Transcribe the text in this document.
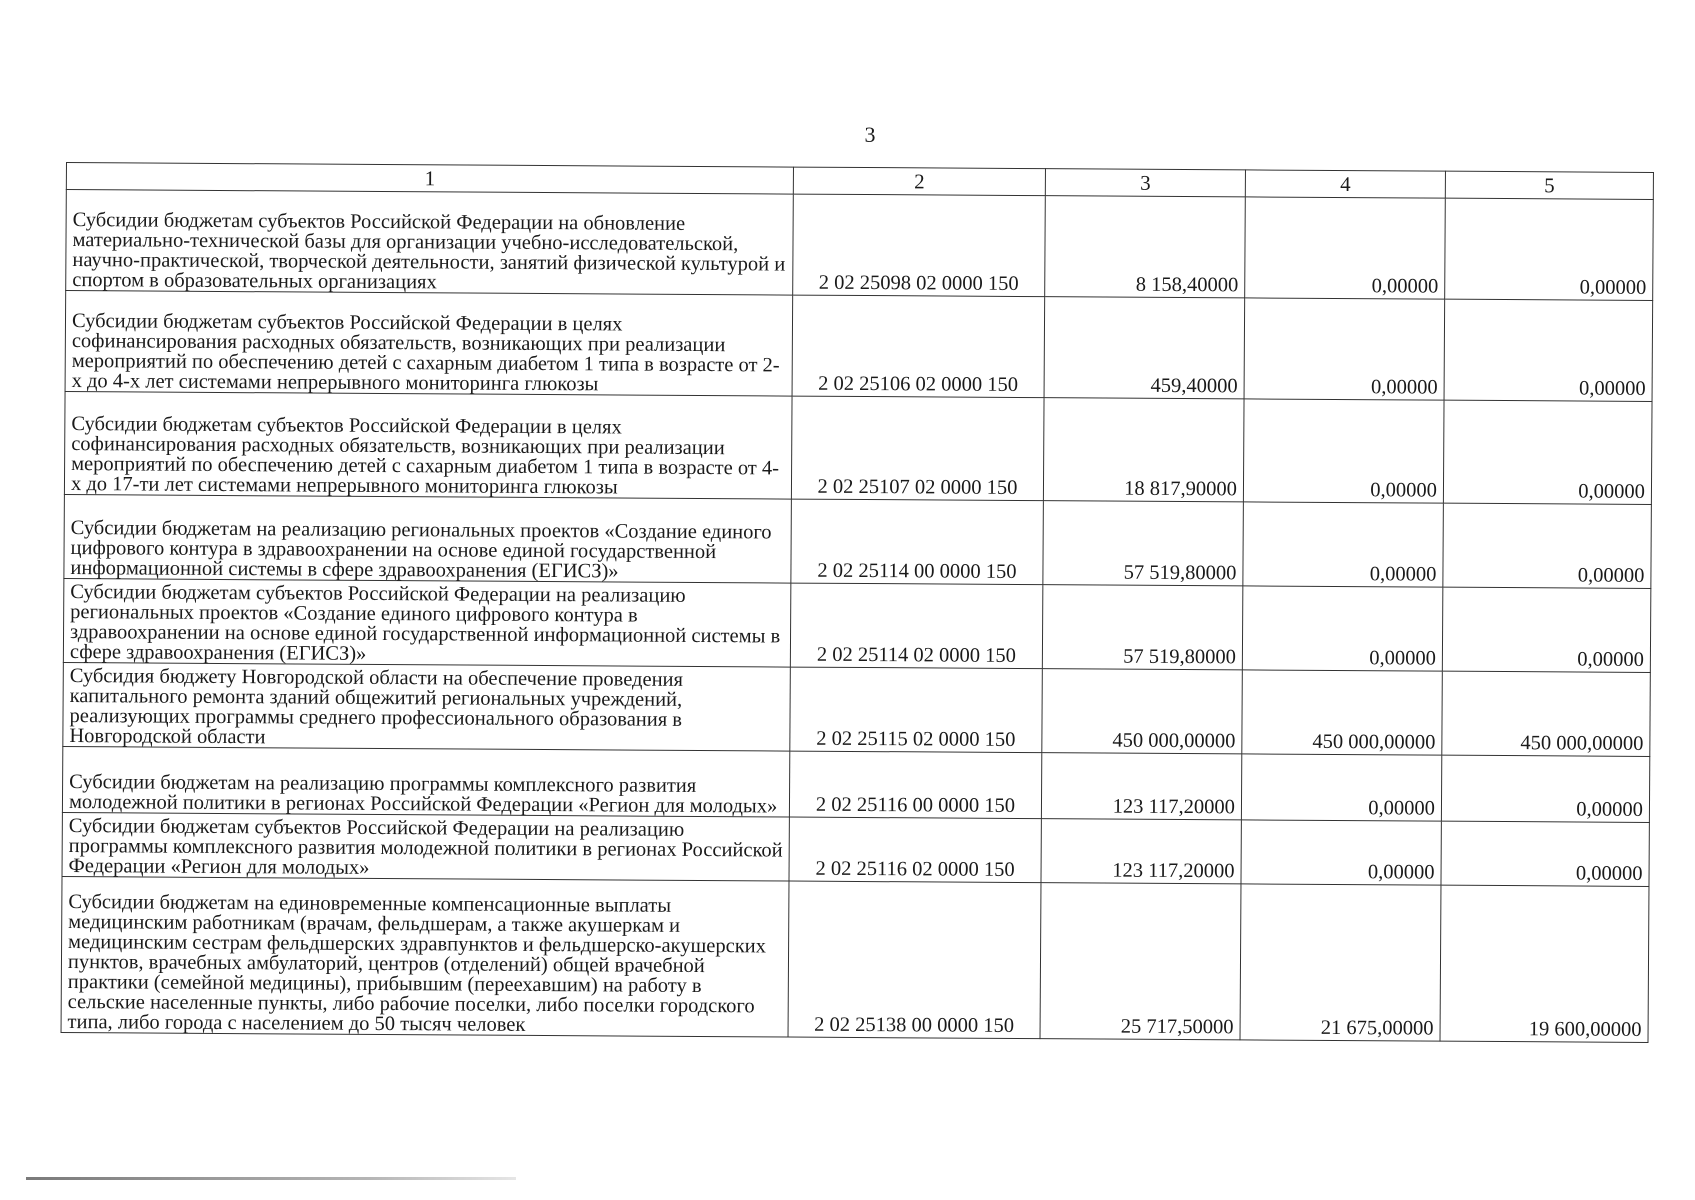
3
1	2	3	4	5
Субсидии бюджетам субъектов Российской Федерации на обновление материально-технической базы для организации учебно-исследовательской, научно-практической, творческой деятельности, занятий физической культурой и спортом в образовательных организациях	2 02 25098 02 0000 150	8 158,40000	0,00000	0,00000
Субсидии бюджетам субъектов Российской Федерации в целях софинансирования расходных обязательств, возникающих при реализации мероприятий по обеспечению детей с сахарным диабетом 1 типа в возрасте от 2-х до 4-х лет системами непрерывного мониторинга глюкозы	2 02 25106 02 0000 150	459,40000	0,00000	0,00000
Субсидии бюджетам субъектов Российской Федерации в целях софинансирования расходных обязательств, возникающих при реализации мероприятий по обеспечению детей с сахарным диабетом 1 типа в возрасте от 4-х до 17-ти лет системами непрерывного мониторинга глюкозы	2 02 25107 02 0000 150	18 817,90000	0,00000	0,00000
Субсидии бюджетам на реализацию региональных проектов «Создание единого цифрового контура в здравоохранении на основе единой государственной информационной системы в сфере здравоохранения (ЕГИСЗ)»	2 02 25114 00 0000 150	57 519,80000	0,00000	0,00000
Субсидии бюджетам субъектов Российской Федерации на реализацию региональных проектов «Создание единого цифрового контура в здравоохранении на основе единой государственной информационной системы в сфере здравоохранения (ЕГИСЗ)»	2 02 25114 02 0000 150	57 519,80000	0,00000	0,00000
Субсидия бюджету Новгородской области на обеспечение проведения капитального ремонта зданий общежитий региональных учреждений, реализующих программы среднего профессионального образования в Новгородской области	2 02 25115 02 0000 150	450 000,00000	450 000,00000	450 000,00000
Субсидии бюджетам на реализацию программы комплексного развития молодежной политики в регионах Российской Федерации «Регион для молодых»	2 02 25116 00 0000 150	123 117,20000	0,00000	0,00000
Субсидии бюджетам субъектов Российской Федерации на реализацию программы комплексного развития молодежной политики в регионах Российской Федерации «Регион для молодых»	2 02 25116 02 0000 150	123 117,20000	0,00000	0,00000
Субсидии бюджетам на единовременные компенсационные выплаты медицинским работникам (врачам, фельдшерам, а также акушеркам и медицинским сестрам фельдшерских здравпунктов и фельдшерско-акушерских пунктов, врачебных амбулаторий, центров (отделений) общей врачебной практики (семейной медицины), прибывшим (переехавшим) на работу в сельские населенные пункты, либо рабочие поселки, либо поселки городского типа, либо города с населением до 50 тысяч человек	2 02 25138 00 0000 150	25 717,50000	21 675,00000	19 600,00000
